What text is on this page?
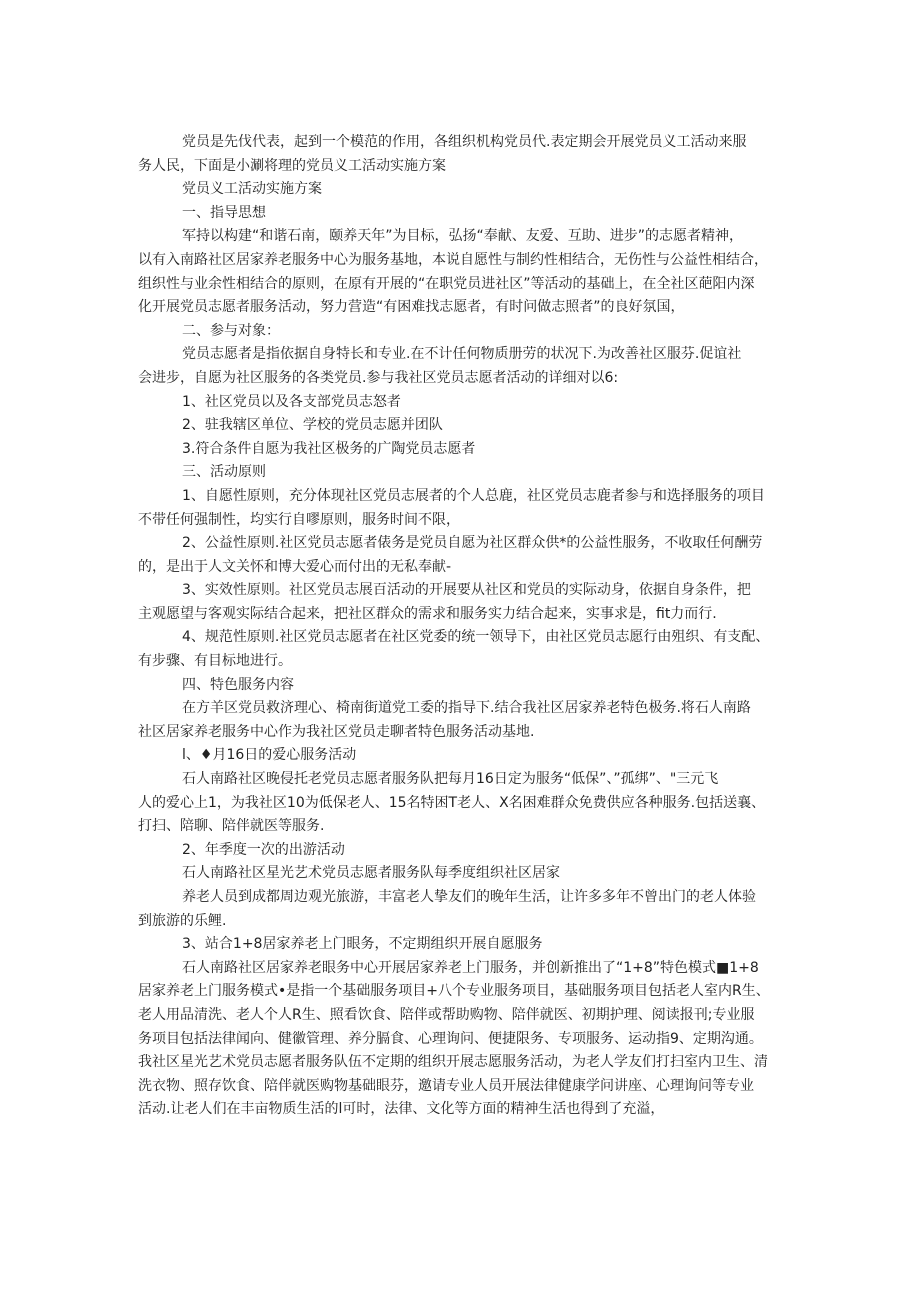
党员是先伐代表，起到一个模范的作用，各组织机构党员代.表定期会开展党员义工活动来服

务人民，下面是小涮将理的党员义工活动实施方案

党员义工活动实施方案

一、指导思想

军持以构建“和谐石南，颐养天年”为目标，弘扬“奉献、友爱、互助、进步”的志愿者精神，

以有入南路社区居家养老服务中心为服务基地，本说自愿性与制约性相结合，无伤性与公益性相结合，

组织性与业余性相结合的原则，在原有开展的“在职党员进社区”等活动的基础上，在全社区葩阳内深

化开展党员志愿者服务活动，努力营造“有困难找志愿者，有时问做志照者”的良好氛国，

二、参与对象：

党员志愿者是指依据自身特长和专业.在不计任何物质册劳的状况下.为改善社区服芬.促谊社

会进步，自愿为社区服务的各类党员.参与我社区党员志愿者活动的详细对以6:

1、社区党员以及各支部党员志怒者

2、驻我辖区单位、学校的党员志愿并团队

3.符合条件自愿为我社区极务的广陶党员志愿者

三、活动原则

1、自愿性原则，充分体现社区党员志展者的个人总鹿，社区党员志鹿者参与和选择服务的项目

不带任何强制性，均实行自嘐原则，服务时间不限，

2、公益性原则.社区党员志愿者俵务是党员自愿为社区群众供*的公益性服务，不收取任何酬劳

的，是出于人文关怀和博大爱心而付出的无私奉献-

3、实效性原则。社区党员志展百活动的开展要从社区和党员的实际动身，依据自身条件，把

主观愿望与客观实际结合起来，把社区群众的需求和服务实力结合起来，实事求是，fit力而行.

4、规范性原则.社区党员志愿者在社区党委的统一领导下，由社区党员志愿行由殂织、有支配、

有步骤、有目标地进行。

四、特色服务内容

在方羊区党员救济理心、椅南街道党工委的指导下.结合我社区居家养老特色极务.将石人南路

社区居家养老服务中心作为我社区党员走聊者特色服务活动基地.

l、♦月16日的爱心服务活动

石人南路社区晚侵托老党员志愿者服务队把每月16日定为服务“低保”、”孤绑”、"三元飞

人的爱心上1，为我社区10为低保老人、15名特困T老人、X名困难群众免费供应各种服务.包括送襄、

打扫、陪聊、陪伴就医等服务.

2、年季度一次的出游活动

石人南路社区星光艺术党员志愿者服务队每季度组织社区居家

养老人员到成都周边观光旅游，丰富老人挚友们的晚年生活，让许多多年不曾出门的老人体验

到旅游的乐鲤.

3、站合1+8居家养老上门眼务，不定期组织开展自愿服务

石人南路社区居家养老眼务中心开展居家养老上门服务，并创新推出了“1+8”特色模式■1+8

居家养老上门服务模式•是指一个基础服务项目+八个专业服务项目，基础服务项目包括老人室内R生、

老人用品清洗、老人个人R生、照看饮食、陪伴或帮助购物、陪伴就医、初期护理、阅读报刊;专业服

务项目包括法律闻向、健徽管理、养分膈食、心理询问、便捷限务、专项服务、运动指9、定期沟通。

我社区星光艺术党员志愿者服务队伍不定期的组织开展志愿服务活动，为老人学友们打扫室内卫生、清

洗衣物、照存饮食、陪伴就医购物基础眼芬，邀请专业人员开展法律健康学问讲座、心理询问等专业

活动.让老人们在丰亩物质生活的l可时，法律、文化等方面的精神生活也得到了充溢，
